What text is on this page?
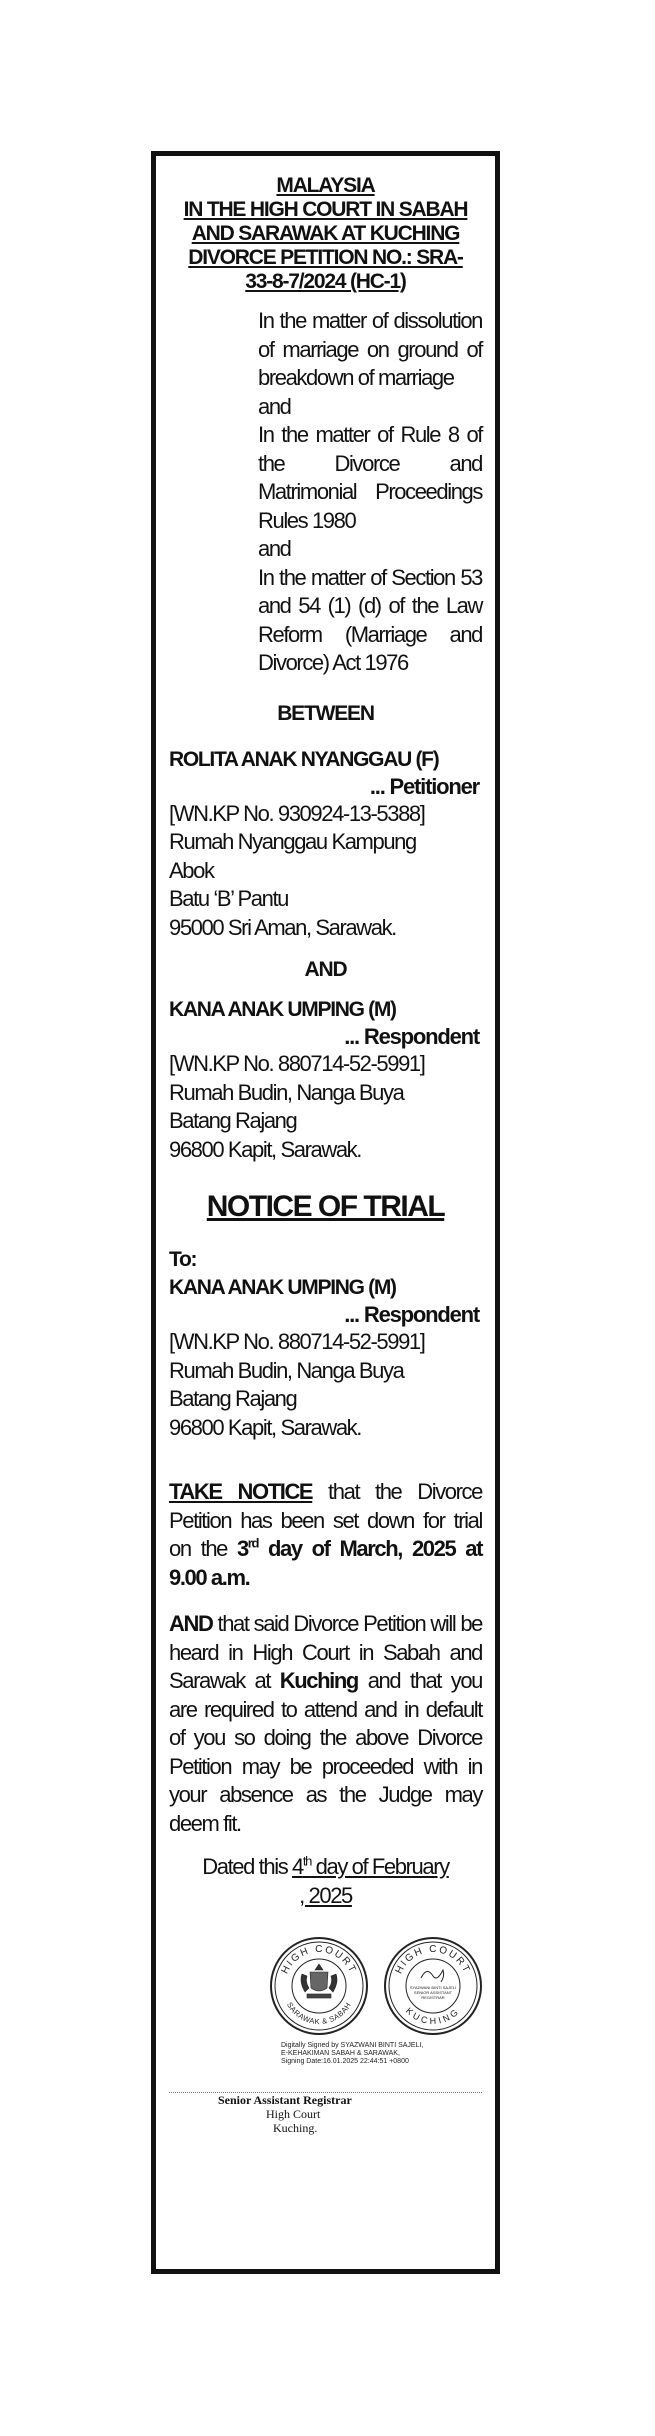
MALAYSIA
IN THE HIGH COURT IN SABAH
AND SARAWAK AT KUCHING
DIVORCE PETITION NO.: SRA-
33-8-7/2024 (HC-1)
In the matter of dissolution of marriage on ground of breakdown of marriage
and
In the matter of Rule 8 of the Divorce and Matrimonial Proceedings Rules 1980
and
In the matter of Section 53 and 54 (1) (d) of the Law Reform (Marriage and Divorce) Act 1976
BETWEEN
ROLITA ANAK NYANGGAU (F)
... Petitioner
[WN.KP No. 930924-13-5388]
Rumah Nyanggau Kampung
Abok
Batu ‘B’ Pantu
95000 Sri Aman, Sarawak.
AND
KANA ANAK UMPING (M)
... Respondent
[WN.KP No. 880714-52-5991]
Rumah Budin, Nanga Buya
Batang Rajang
96800 Kapit, Sarawak.
NOTICE OF TRIAL
To:
KANA ANAK UMPING (M)
... Respondent
[WN.KP No. 880714-52-5991]
Rumah Budin, Nanga Buya
Batang Rajang
96800 Kapit, Sarawak.
TAKE NOTICE that the Divorce Petition has been set down for trial on the 3rd day of March, 2025 at 9.00 a.m.
AND that said Divorce Petition will be heard in High Court in Sabah and Sarawak at Kuching and that you are required to attend and in default of you so doing the above Divorce Petition may be proceeded with in your absence as the Judge may deem fit.
Dated this 4th day of February
, 2025
HIGH COURT
SARAWAK & SABAH
HIGH COURT
KUCHING
SYAZWANI BINTI SAJELI
SENIOR ASSISTANT
REGISTRAR
Digitally Signed by SYAZWANI BINTI SAJELI,
E-KEHAKIMAN SABAH & SARAWAK,
Signing Date:16.01.2025 22:44:51 +0800
Senior Assistant Registrar
High Court
Kuching.
